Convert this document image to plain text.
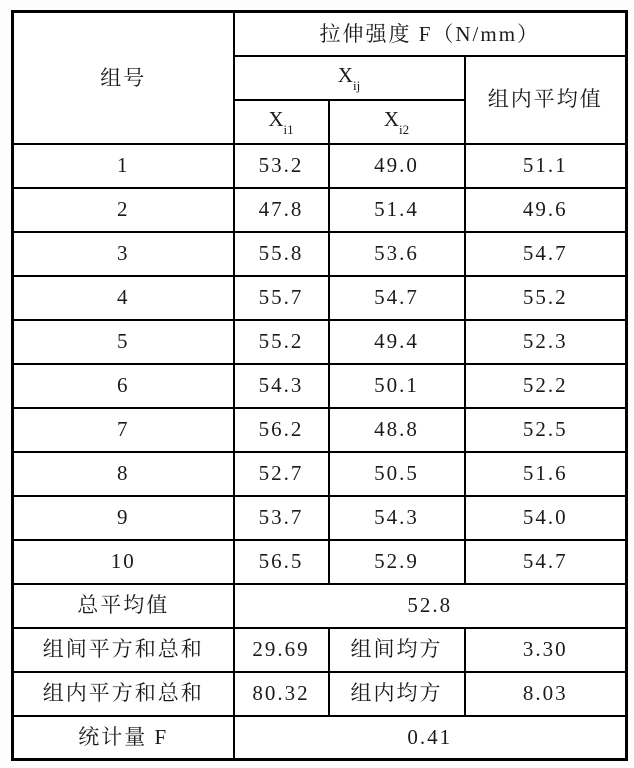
组号	拉伸强度 F（N/mm）		
	$X_{ij}$		组内平均值
	$X_{i1}$	$X_{i2}$
1	53.2	49.0	51.1
2	47.8	51.4	49.6
3	55.8	53.6	54.7
4	55.7	54.7	55.2
5	55.2	49.4	52.3
6	54.3	50.1	52.2
7	56.2	48.8	52.5
8	52.7	50.5	51.6
9	53.7	54.3	54.0
10	56.5	52.9	54.7
总平均值	52.8		
组间平方和总和	29.69	组间均方	3.30
组内平方和总和	80.32	组内均方	8.03
统计量 F	0.41		
